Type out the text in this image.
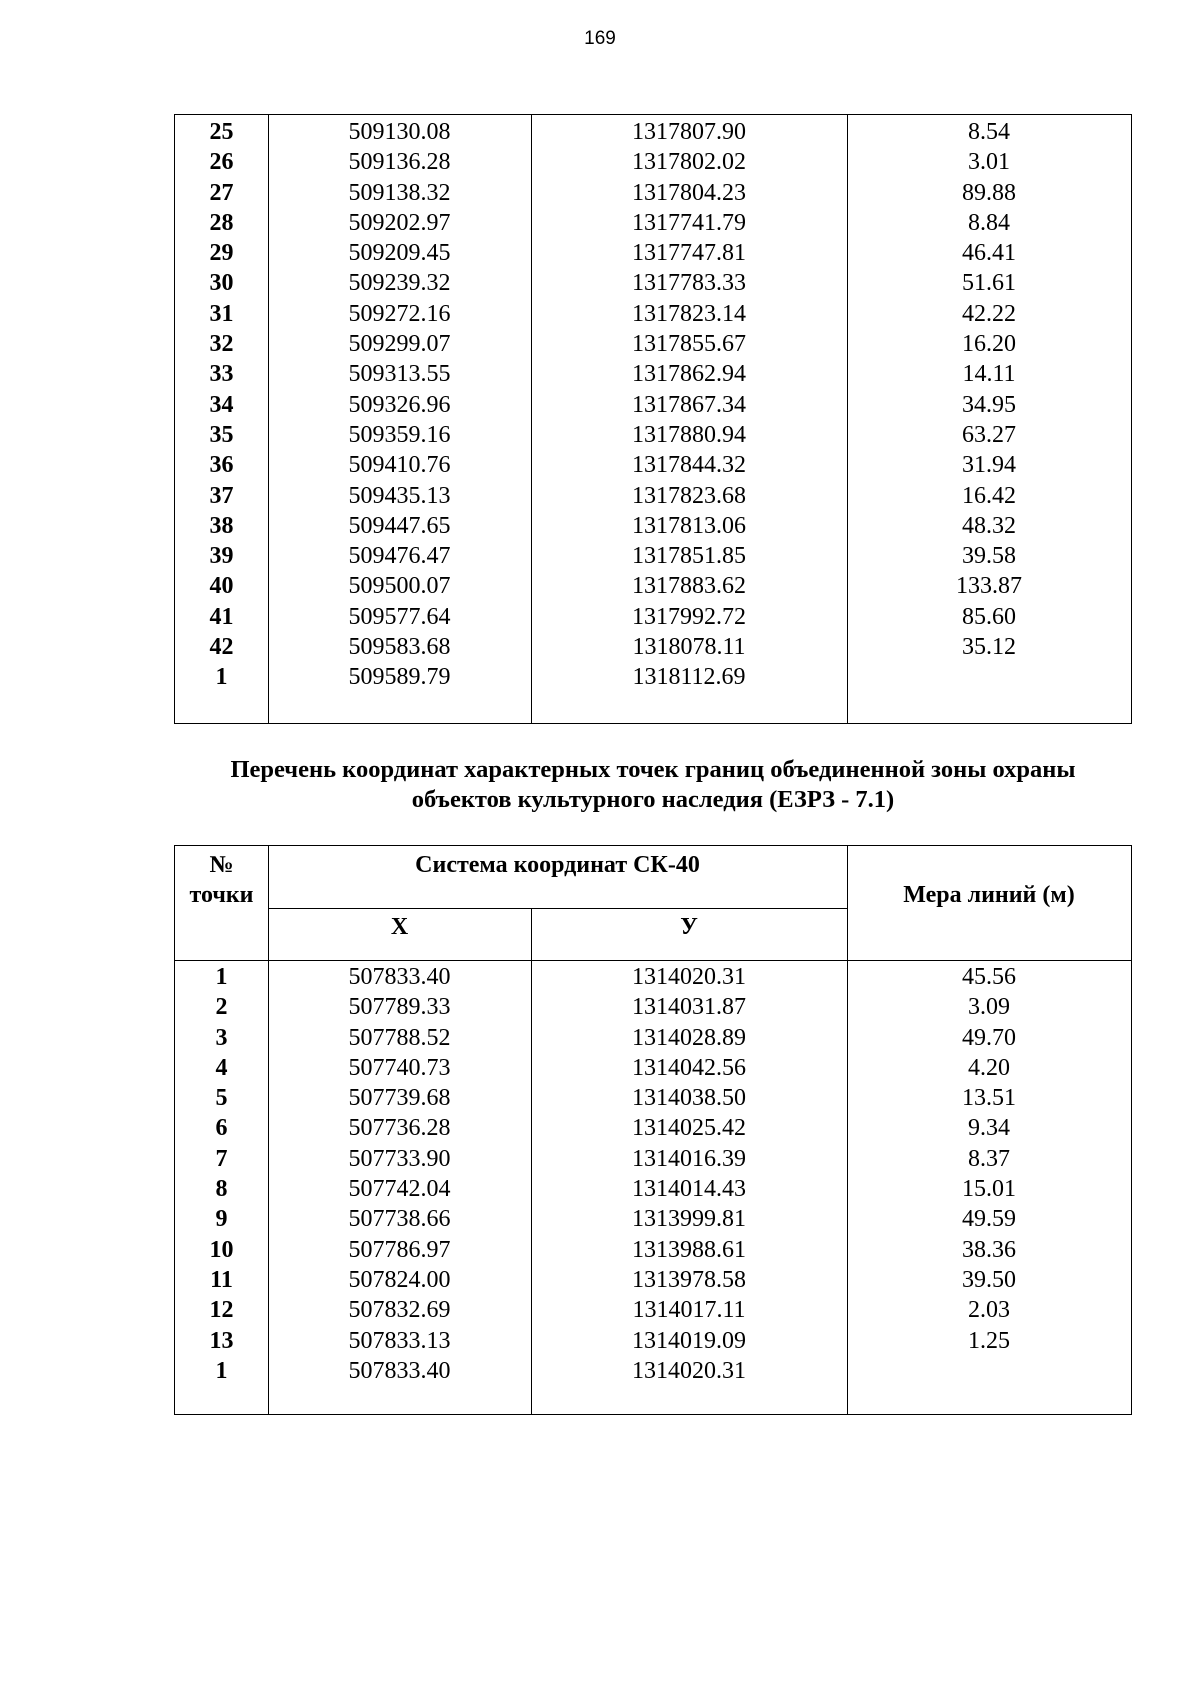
169
25	509130.08	1317807.90	8.54
26	509136.28	1317802.02	3.01
27	509138.32	1317804.23	89.88
28	509202.97	1317741.79	8.84
29	509209.45	1317747.81	46.41
30	509239.32	1317783.33	51.61
31	509272.16	1317823.14	42.22
32	509299.07	1317855.67	16.20
33	509313.55	1317862.94	14.11
34	509326.96	1317867.34	34.95
35	509359.16	1317880.94	63.27
36	509410.76	1317844.32	31.94
37	509435.13	1317823.68	16.42
38	509447.65	1317813.06	48.32
39	509476.47	1317851.85	39.58
40	509500.07	1317883.62	133.87
41	509577.64	1317992.72	85.60
42	509583.68	1318078.11	35.12
1	509589.79	1318112.69
Перечень координат характерных точек границ объединенной зоны охраны
объектов культурного наследия (ЕЗРЗ - 7.1)
№
точки
Система координат СК-40
X	У
Мера линий (м)
1	507833.40	1314020.31	45.56
2	507789.33	1314031.87	3.09
3	507788.52	1314028.89	49.70
4	507740.73	1314042.56	4.20
5	507739.68	1314038.50	13.51
6	507736.28	1314025.42	9.34
7	507733.90	1314016.39	8.37
8	507742.04	1314014.43	15.01
9	507738.66	1313999.81	49.59
10	507786.97	1313988.61	38.36
11	507824.00	1313978.58	39.50
12	507832.69	1314017.11	2.03
13	507833.13	1314019.09	1.25
1	507833.40	1314020.31
